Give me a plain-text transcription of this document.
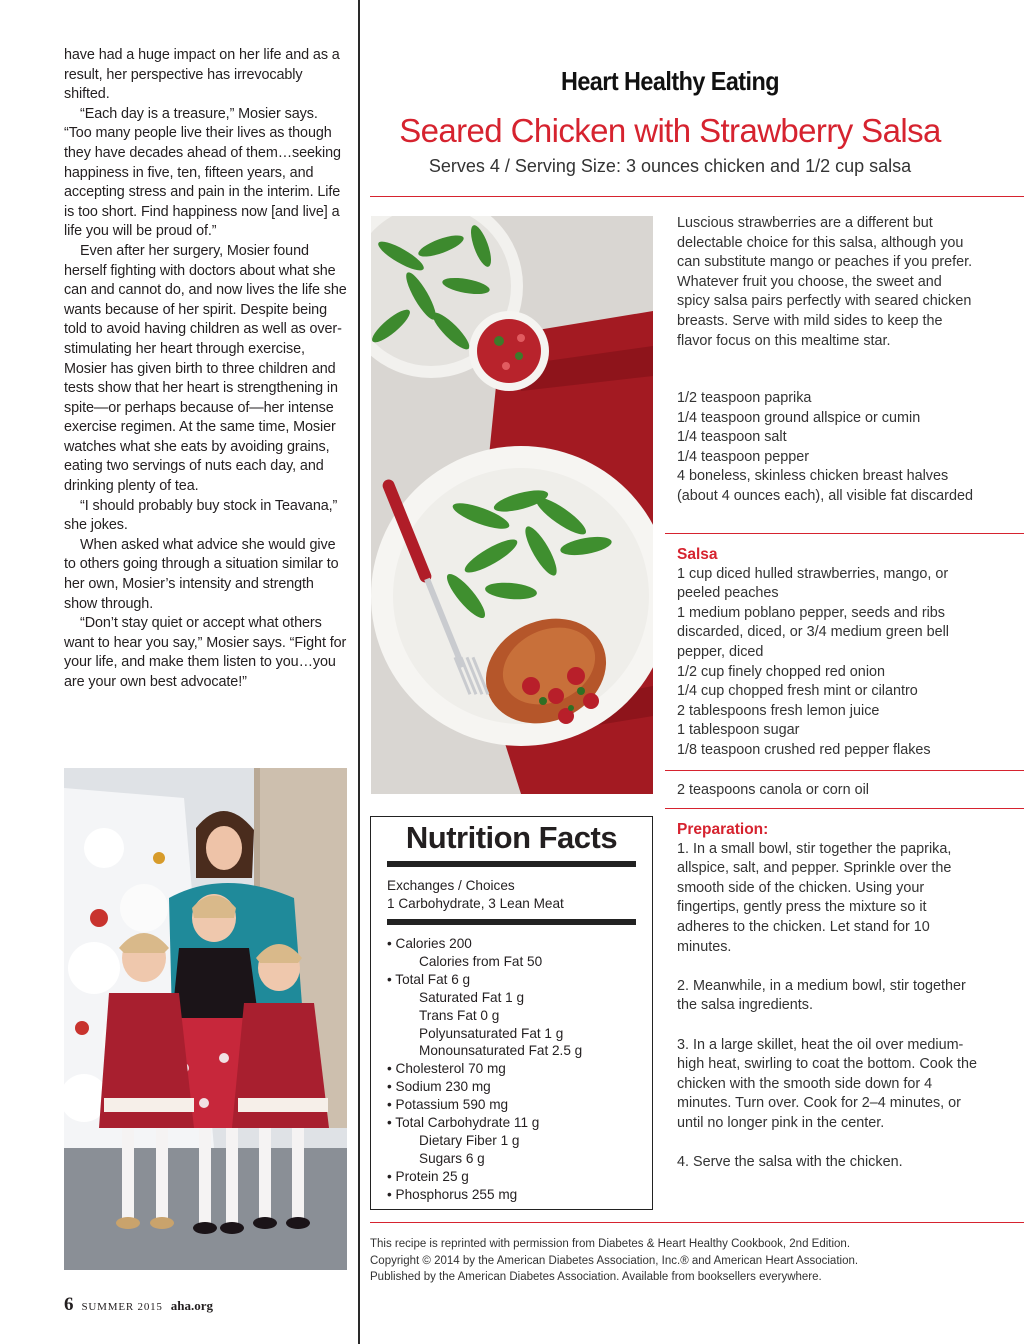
have had a huge impact on her life and as a result, her perspective has irrevocably shifted.

“Each day is a treasure,” Mosier says. “Too many people live their lives as though they have decades ahead of them…seeking happiness in five, ten, fifteen years, and accepting stress and pain in the interim. Life is too short. Find happiness now [and live] a life you will be proud of.”

Even after her surgery, Mosier found herself fighting with doctors about what she can and cannot do, and now lives the life she wants because of her spirit. Despite being told to avoid having children as well as over-stimulating her heart through exercise, Mosier has given birth to three children and tests show that her heart is strengthening in spite—or perhaps because of—her intense exercise regimen. At the same time, Mosier watches what she eats by avoiding grains, eating two servings of nuts each day, and drinking plenty of tea.

“I should probably buy stock in Teavana,” she jokes.

When asked what advice she would give to others going through a situation similar to her own, Mosier’s intensity and strength show through.

“Don’t stay quiet or accept what others want to hear you say,” Mosier says. “Fight for your life, and make them listen to you…you are your own best advocate!”

6 SUMMER 2015 aha.org
Heart Healthy Eating
Seared Chicken with Strawberry Salsa
Serves 4 / Serving Size: 3 ounces chicken and 1/2 cup salsa
Luscious strawberries are a different but delectable choice for this salsa, although you can substitute mango or peaches if you prefer. Whatever fruit you choose, the sweet and spicy salsa pairs perfectly with seared chicken breasts. Serve with mild sides to keep the flavor focus on this mealtime star.
1/2 teaspoon paprika
1/4 teaspoon ground allspice or cumin
1/4 teaspoon salt
1/4 teaspoon pepper
4 boneless, skinless chicken breast halves (about 4 ounces each), all visible fat discarded
Salsa
1 cup diced hulled strawberries, mango, or peeled peaches
1 medium poblano pepper, seeds and ribs discarded, diced, or 3/4 medium green bell pepper, diced
1/2 cup finely chopped red onion
1/4 cup chopped fresh mint or cilantro
2 tablespoons fresh lemon juice
1 tablespoon sugar
1/8 teaspoon crushed red pepper flakes
2 teaspoons canola or corn oil
Preparation:
1. In a small bowl, stir together the paprika, allspice, salt, and pepper. Sprinkle over the smooth side of the chicken. Using your fingertips, gently press the mixture so it adheres to the chicken. Let stand for 10 minutes.
2. Meanwhile, in a medium bowl, stir together the salsa ingredients.
3. In a large skillet, heat the oil over medium-high heat, swirling to coat the bottom. Cook the chicken with the smooth side down for 4 minutes. Turn over. Cook for 2–4 minutes, or until no longer pink in the center.
4. Serve the salsa with the chicken.
Nutrition Facts
Exchanges / Choices
1 Carbohydrate, 3 Lean Meat
• Calories 200
Calories from Fat 50
• Total Fat 6 g
Saturated Fat 1 g
Trans Fat 0 g
Polyunsaturated Fat 1 g
Monounsaturated Fat 2.5 g
• Cholesterol 70 mg
• Sodium 230 mg
• Potassium 590 mg
• Total Carbohydrate 11 g
Dietary Fiber 1 g
Sugars 6 g
• Protein 25 g
• Phosphorus 255 mg
This recipe is reprinted with permission from Diabetes & Heart Healthy Cookbook, 2nd Edition.
Copyright © 2014 by the American Diabetes Association, Inc.® and American Heart Association.
Published by the American Diabetes Association. Available from booksellers everywhere.
